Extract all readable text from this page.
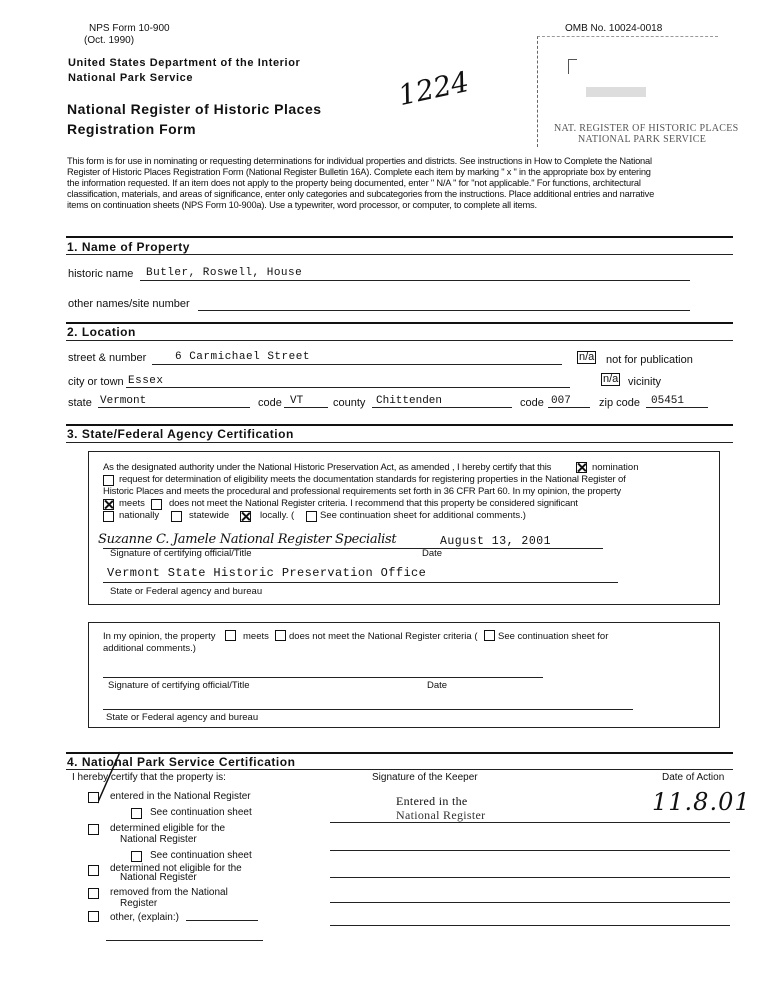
NPS Form 10-900
(Oct. 1990)
OMB No. 10024-0018
United States Department of the Interior
National Park Service
National Register of Historic Places
Registration Form
1224
NAT. REGISTER OF HISTORIC PLACES
NATIONAL PARK SERVICE
This form is for use in nominating or requesting determinations for individual properties and districts. See instructions in How to Complete the National
Register of Historic Places Registration Form (National Register Bulletin 16A). Complete each item by marking " x " in the appropriate box by entering
the information requested. If an item does not apply to the property being documented, enter " N/A " for "not applicable." For functions, architectural
classification, materials, and areas of significance, enter only categories and subcategories from the instructions. Place additional entries and narrative
items on continuation sheets (NPS Form 10-900a). Use a typewriter, word processor, or computer, to complete all items.
1. Name of Property
historic name Butler, Roswell, House
other names/site number
2. Location
street & number	6 Carmichael Street	n/a not for publication
city or town Essex	n/a vicinity
state Vermont	code VT	county Chittenden	code 007	zip code 05451
3. State/Federal Agency Certification
As the designated authority under the National Historic Preservation Act, as amended , I hereby certify that this	nomination
request for determination of eligibility meets the documentation standards for registering properties in the National Register of
Historic Places and meets the procedural and professional requirements set forth in 36 CFR Part 60. In my opinion, the property
meets	does not meet the National Register criteria. I recommend that this property be considered significant
nationally	statewide	locally. (	See continuation sheet for additional comments.)
Suzanne C. Jamele National Register Specialist	August 13, 2001
Signature of certifying official/Title	Date
Vermont State Historic Preservation Office
State or Federal agency and bureau
In my opinion, the property	meets does not meet the National Register criteria ( See continuation sheet for
additional comments.)
Signature of certifying official/Title	Date
State or Federal agency and bureau
4. National Park Service Certification
I hereby certify that the property is:	Signature of the Keeper	Date of Action
entered in the National Register
See continuation sheet
determined eligible for the
National Register
See continuation sheet
determined not eligible for the
National Register
removed from the National
Register
other, (explain:)
Entered in the
National Register	11.8.01
